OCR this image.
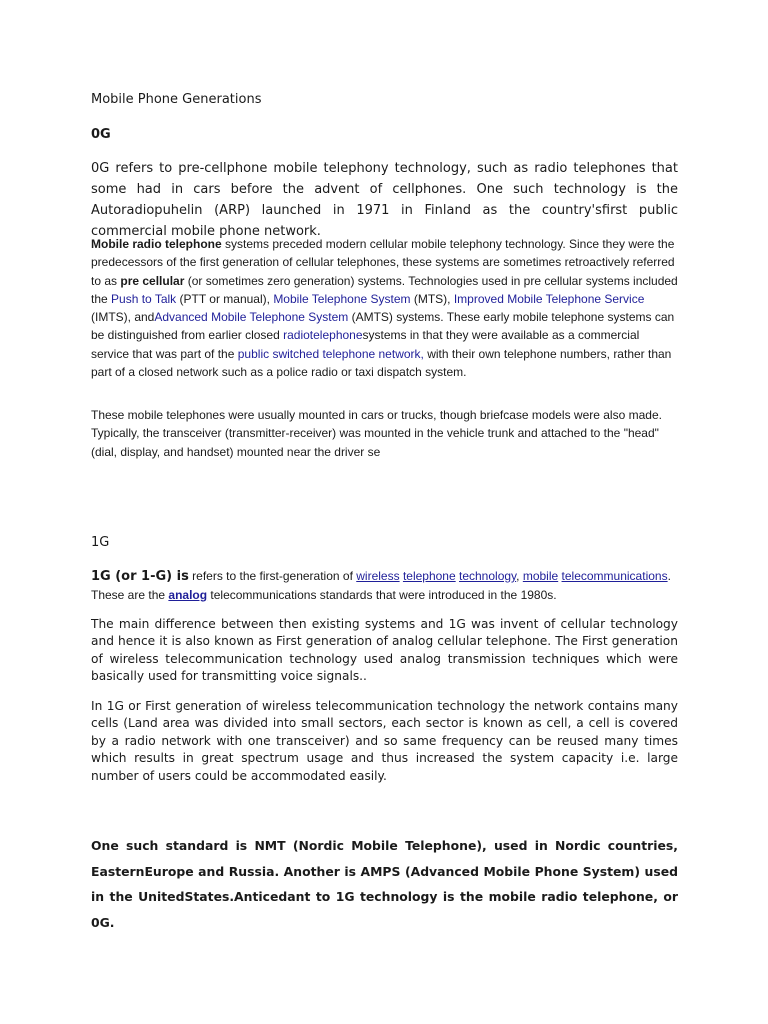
Mobile Phone Generations

0G

0G refers to pre-cellphone mobile telephony technology, such as radio telephones that some had in cars before the advent of cellphones. One such technology is the Autoradiopuhelin (ARP) launched in 1971 in Finland as the country'sfirst public commercial mobile phone network.

Mobile radio telephone systems preceded modern cellular mobile telephony technology. Since they were the predecessors of the first generation of cellular telephones, these systems are sometimes retroactively referred to as pre cellular (or sometimes zero generation) systems. Technologies used in pre cellular systems included the Push to Talk (PTT or manual), Mobile Telephone System (MTS), Improved Mobile Telephone Service (IMTS), andAdvanced Mobile Telephone System (AMTS) systems. These early mobile telephone systems can be distinguished from earlier closed radiotelephonesystems in that they were available as a commercial service that was part of the public switched telephone network, with their own telephone numbers, rather than part of a closed network such as a police radio or taxi dispatch system.

These mobile telephones were usually mounted in cars or trucks, though briefcase models were also made. Typically, the transceiver (transmitter-receiver) was mounted in the vehicle trunk and attached to the "head" (dial, display, and handset) mounted near the driver se

1G

1G (or 1-G) is refers to the first-generation of wireless telephone technology, mobile telecommunications. These are the analog telecommunications standards that were introduced in the 1980s.

The main difference between then existing systems and 1G was invent of cellular technology and hence it is also known as First generation of analog cellular telephone. The First generation of wireless telecommunication technology used analog transmission techniques which were basically used for transmitting voice signals..

In 1G or First generation of wireless telecommunication technology the network contains many cells (Land area was divided into small sectors, each sector is known as cell, a cell is covered by a radio network with one transceiver) and so same frequency can be reused many times which results in great spectrum usage and thus increased the system capacity i.e. large number of users could be accommodated easily.

One such standard is NMT (Nordic Mobile Telephone), used in Nordic countries, EasternEurope and Russia. Another is AMPS (Advanced Mobile Phone System) used in the UnitedStates.Anticedant to 1G technology is the mobile radio telephone, or 0G.
